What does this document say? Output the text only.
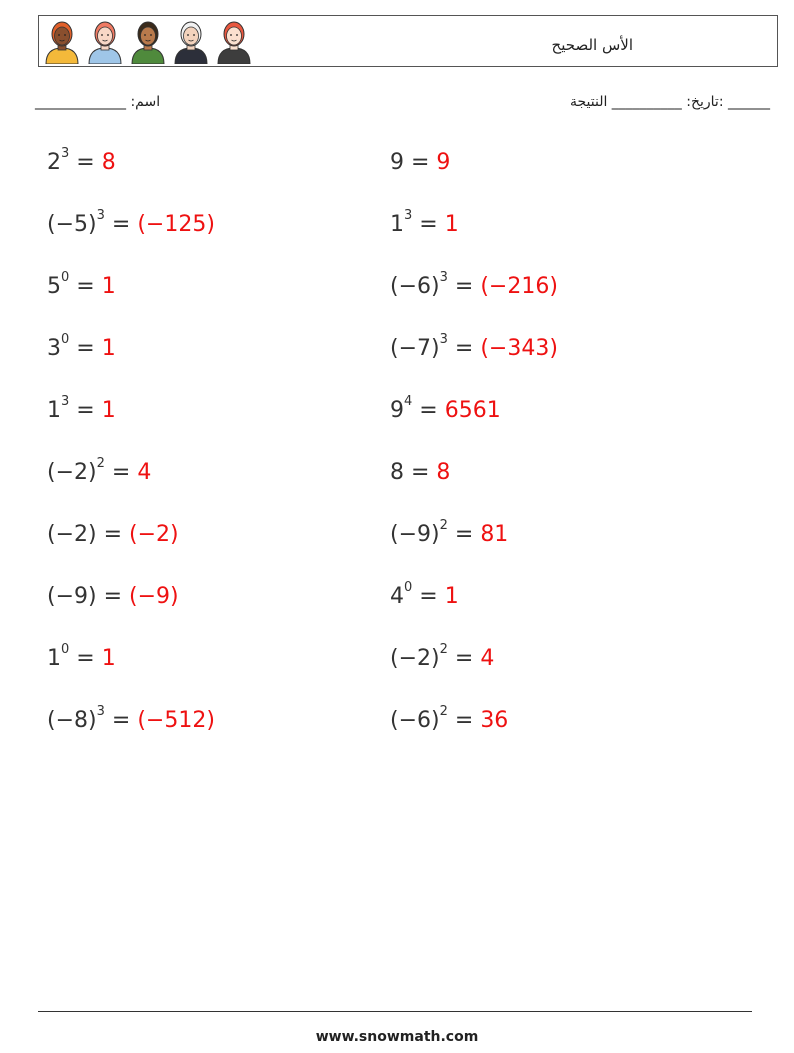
الأس الصحيح
______ :تاريخ: __________ النتيجة
اسم: _____________
$2^3 = 8$
$(-5)^3 = (-125)$
$5^0 = 1$
$3^0 = 1$
$1^3 = 1$
$(-2)^2 = 4$
(−2) = (−2)
(−9) = (−9)
$1^0 = 1$
$(-8)^3 = (-512)$
9 = 9
$1^3 = 1$
$(-6)^3 = (-216)$
$(-7)^3 = (-343)$
$9^4 = 6561$
8 = 8
$(-9)^2 = 81$
$4^0 = 1$
$(-2)^2 = 4$
$(-6)^2 = 36$
www.snowmath.com
